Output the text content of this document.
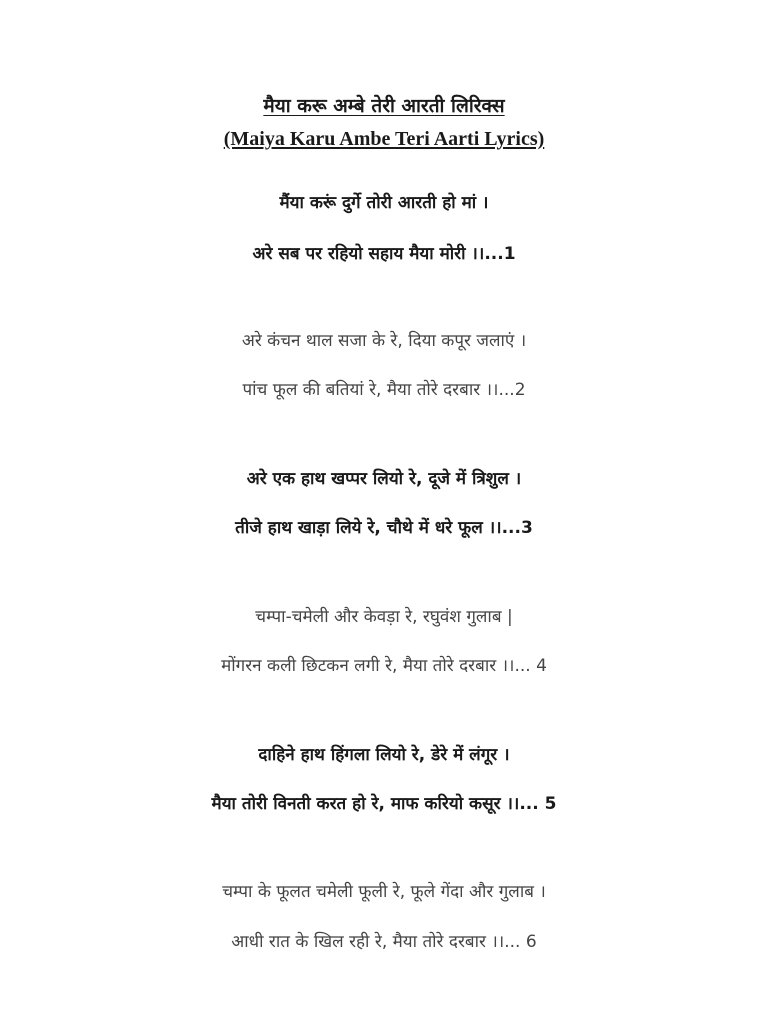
मैया करू अम्बे तेरी आरती लिरिक्स
(Maiya Karu Ambe Teri Aarti Lyrics)
मैंया करूं दुर्गे तोरी आरती हो मां ।
अरे सब पर रहियो सहाय मैया मोरी ।।...1
अरे कंचन थाल सजा के रे, दिया कपूर जलाएं ।
पांच फूल की बतियां रे, मैया तोरे दरबार ।।...2
अरे एक हाथ खप्पर लियो रे, दूजे में त्रिशुल ।
तीजे हाथ खाड़ा लिये रे, चौथे में धरे फूल ।।...3
चम्पा-चमेली और केवड़ा रे, रघुवंश गुलाब |
मोंगरन कली छिटकन लगी रे, मैया तोरे दरबार ।।... 4
दाहिने हाथ हिंगला लियो रे, डेरे में लंगूर ।
मैया तोरी विनती करत हो रे, माफ करियो कसूर ।।... 5
चम्पा के फूलत चमेली फूली रे, फूले गेंदा और गुलाब ।
आधी रात के खिल रही रे, मैया तोरे दरबार ।।... 6
